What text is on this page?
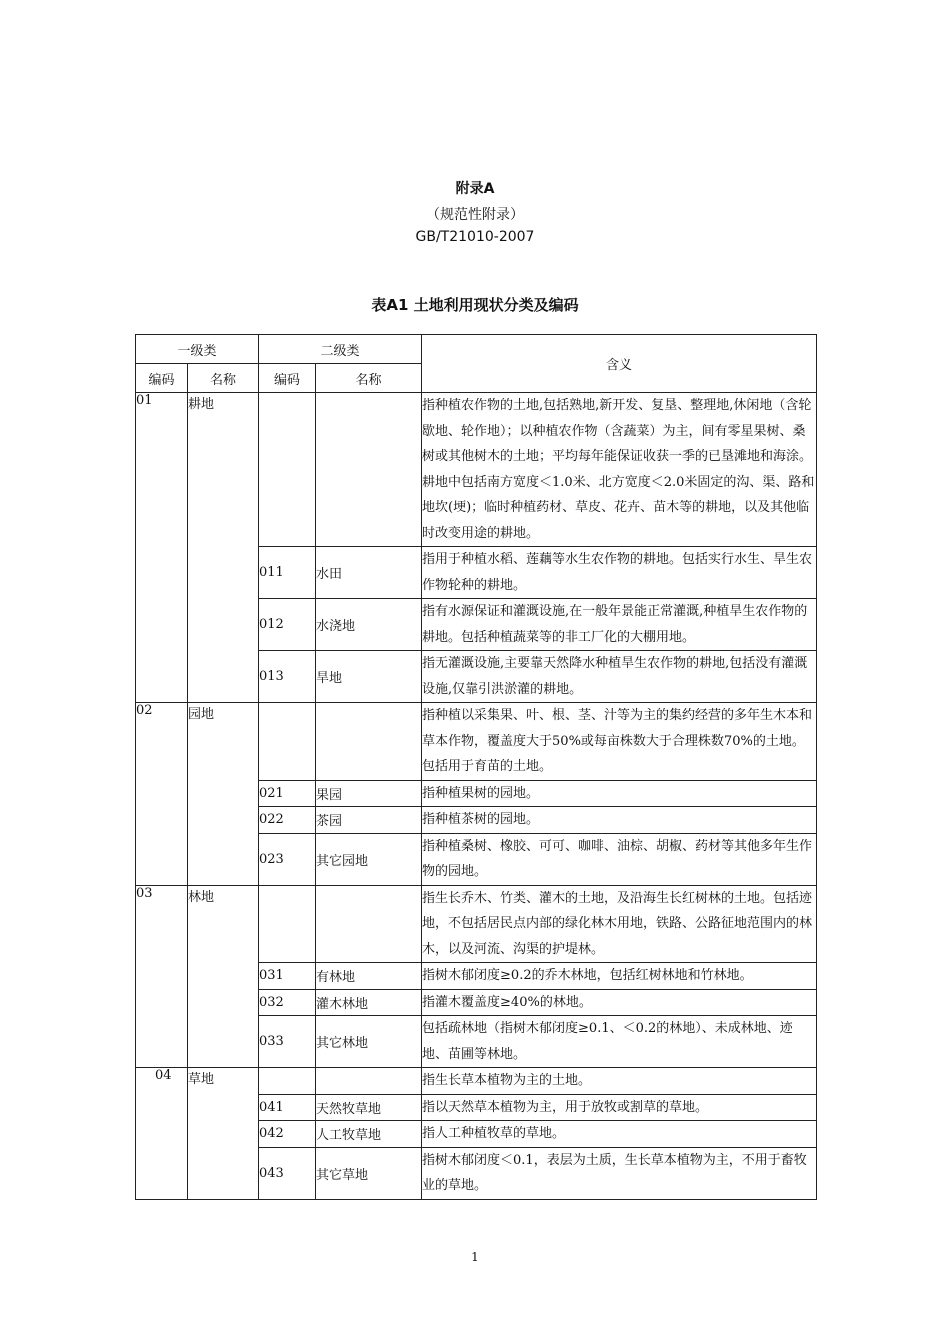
附录A
（规范性附录）
GB/T21010-2007
表A1 土地利用现状分类及编码
一级类		二级类		含义
编码	名称	编码	名称	
01	耕地			指种植农作物的土地,包括熟地,新开发、复垦、整理地,休闲地（含轮歇地、轮作地）；以种植农作物（含蔬菜）为主，间有零星果树、桑树或其他树木的土地；平均每年能保证收获一季的已垦滩地和海涂。耕地中包括南方宽度＜1.0米、北方宽度＜2.0米固定的沟、渠、路和地坎(埂)；临时种植药材、草皮、花卉、苗木等的耕地，以及其他临时改变用途的耕地。
		011	水田	指用于种植水稻、莲藕等水生农作物的耕地。包括实行水生、旱生农作物轮种的耕地。
		012	水浇地	指有水源保证和灌溉设施,在一般年景能正常灌溉,种植旱生农作物的耕地。包括种植蔬菜等的非工厂化的大棚用地。
		013	旱地	指无灌溉设施,主要靠天然降水种植旱生农作物的耕地,包括没有灌溉设施,仅靠引洪淤灌的耕地。
02	园地			指种植以采集果、叶、根、茎、汁等为主的集约经营的多年生木本和草本作物，覆盖度大于50%或每亩株数大于合理株数70%的土地。包括用于育苗的土地。
		021	果园	指种植果树的园地。
		022	茶园	指种植茶树的园地。
		023	其它园地	指种植桑树、橡胶、可可、咖啡、油棕、胡椒、药材等其他多年生作物的园地。
03	林地			指生长乔木、竹类、灌木的土地，及沿海生长红树林的土地。包括迹地，不包括居民点内部的绿化林木用地，铁路、公路征地范围内的林木，以及河流、沟渠的护堤林。
		031	有林地	指树木郁闭度≥0.2的乔木林地，包括红树林地和竹林地。
		032	灌木林地	指灌木覆盖度≥40%的林地。
		033	其它林地	包括疏林地（指树木郁闭度≥0.1、＜0.2的林地）、未成林地、迹地、苗圃等林地。
04	草地			指生长草本植物为主的土地。
		041	天然牧草地	指以天然草本植物为主，用于放牧或割草的草地。
		042	人工牧草地	指人工种植牧草的草地。
		043	其它草地	指树木郁闭度＜0.1，表层为土质，生长草本植物为主，不用于畜牧业的草地。
1
